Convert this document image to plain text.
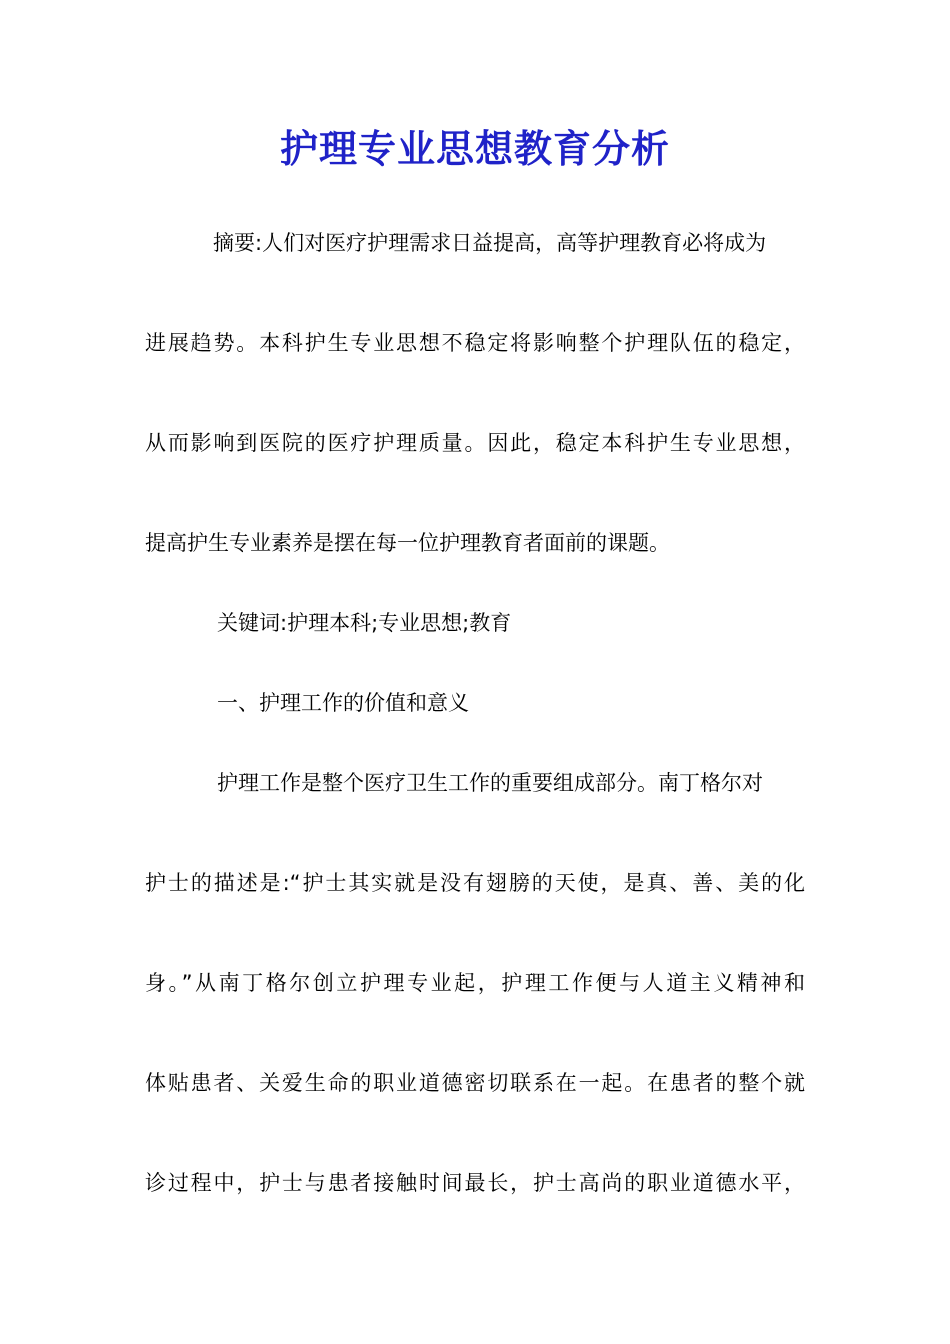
护理专业思想教育分析
摘要:人们对医疗护理需求日益提高，高等护理教育必将成为
进展趋势。本科护生专业思想不稳定将影响整个护理队伍的稳定，
从而影响到医院的医疗护理质量。因此，稳定本科护生专业思想，
提高护生专业素养是摆在每一位护理教育者面前的课题。
关键词:护理本科;专业思想;教育
一、护理工作的价值和意义
护理工作是整个医疗卫生工作的重要组成部分。南丁格尔对
护士的描述是:“护士其实就是没有翅膀的天使，是真、善、美的化
身。”从南丁格尔创立护理专业起，护理工作便与人道主义精神和
体贴患者、关爱生命的职业道德密切联系在一起。在患者的整个就
诊过程中，护士与患者接触时间最长，护士高尚的职业道德水平，
